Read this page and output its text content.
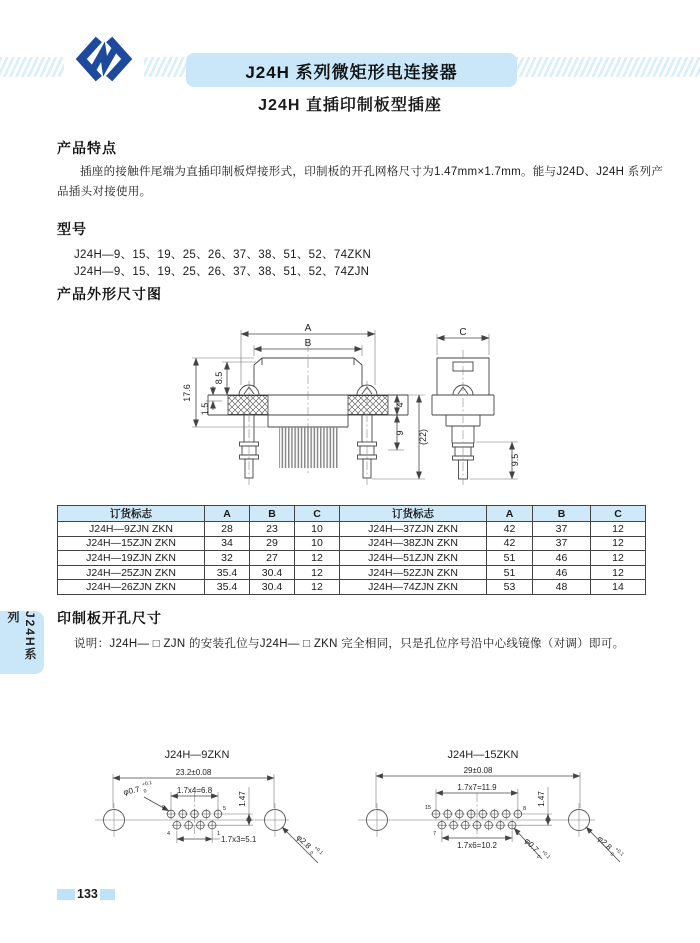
J24H 系列微矩形电连接器
J24H 直插印制板型插座
产品特点
插座的接触件尾端为直插印制板焊接形式，印制板的开孔网格尺寸为1.47mm×1.7mm。能与J24D、J24H 系列产
品插头对接使用。
型号
J24H—9、15、19、25、26、37、38、51、52、74ZKN
J24H—9、15、19、25、26、37、38、51、52、74ZJN
产品外形尺寸图
A
B
17.6
8.5
1.5	4
9 (22)
C
9.5
订货标志	A	B	C	订货标志	A	B	C
J24H—9ZJN ZKN	28	23	10	J24H—37ZJN ZKN	42	37	12
J24H—15ZJN ZKN	34	29	10	J24H—38ZJN ZKN	42	37	12
J24H—19ZJN ZKN	32	27	12	J24H—51ZJN ZKN	51	46	12
J24H—25ZJN ZKN	35.4	30.4	12	J24H—52ZJN ZKN	51	46	12
J24H—26ZJN ZKN	35.4	30.4	12	J24H—74ZJN ZKN	53	48	14
J24H系列	印制板开孔尺寸
说明：J24H— □ ZJN 的安装孔位与J24H— □ ZKN 完全相同，只是孔位序号沿中心线镜像（对调）即可。
J24H—9ZKN
23.2±0.08
1.7x4=6.8
1.47
φ0.7
+0.1
0
9	5
4	1
1.7x3=5.1	φ2.8
+0.1
0
J24H—15ZKN
29±0.08
1.7x7=11.9
1.47
15	8
7	1
1.7x6=10.2	φ0.7
+0.1
0
φ2.8
+0.1
0
133
